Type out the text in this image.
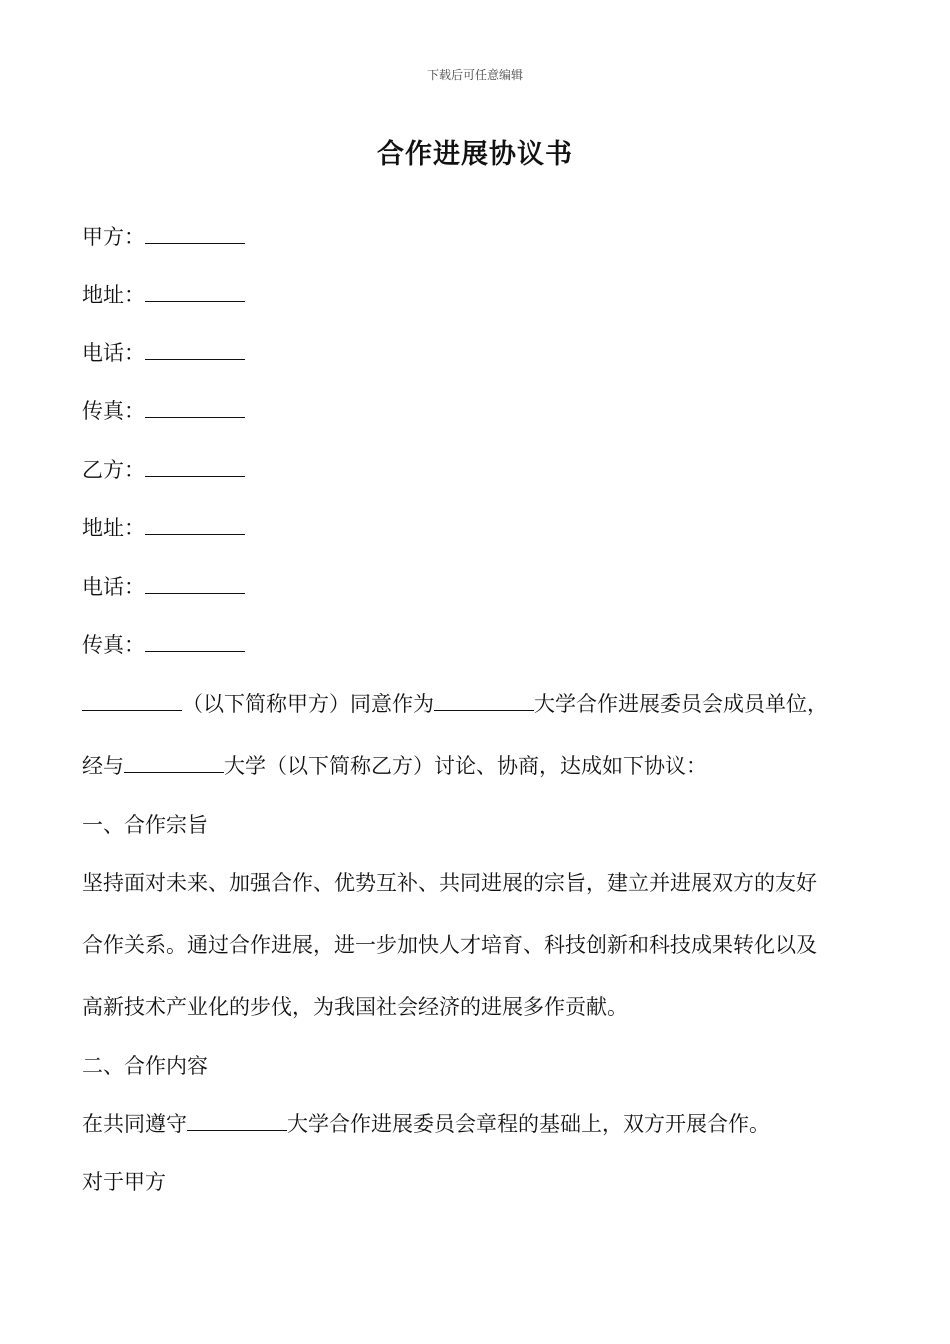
下载后可任意编辑
合作进展协议书
甲方：
地址：
电话：
传真：
乙方：
地址：
电话：
传真：
（以下简称甲方）同意作为	大学合作进展委员会成员单位，
经与	大学（以下简称乙方）讨论、协商，达成如下协议：
一、合作宗旨
坚持面对未来、加强合作、优势互补、共同进展的宗旨，建立并进展双方的友好
合作关系。通过合作进展，进一步加快人才培育、科技创新和科技成果转化以及
高新技术产业化的步伐，为我国社会经济的进展多作贡献。
二、合作内容
在共同遵守	大学合作进展委员会章程的基础上，双方开展合作。
对于甲方
